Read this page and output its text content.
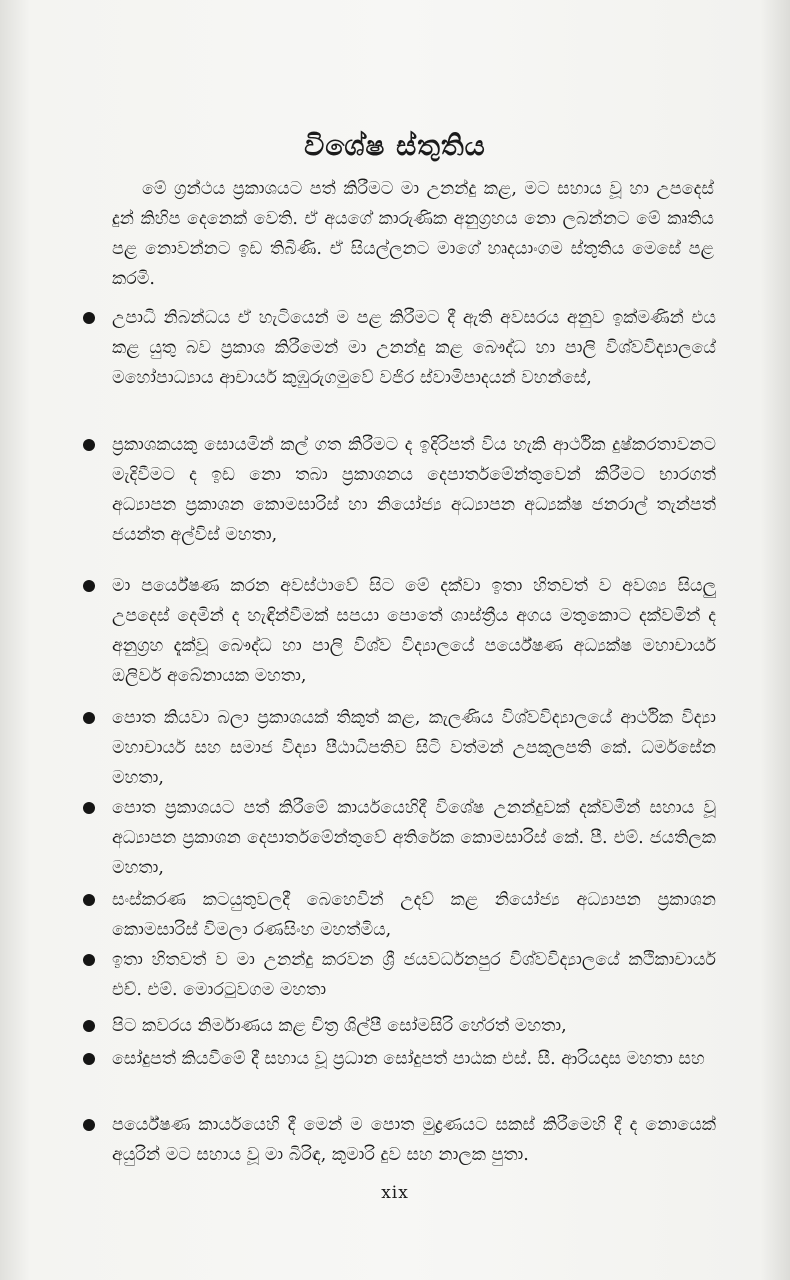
විශේෂ ස්තුතිය

මේ ග්‍රන්ථය ප්‍රකාශයට පත් කිරීමට මා උනන්දු කළ, මට සහාය වූ හා උපදෙස් දුන් කිහිප දෙනෙක් වෙති. ඒ අයගේ කාරුණික අනුග්‍රහය නො ලබන්නට මේ කෘතිය පළ නොවන්නට ඉඩ තිබිණි. ඒ සියල්ලනට මාගේ හෘදයාංගම ස්තුතිය මෙසේ පළ කරමි.

උපාධි නිබන්ධය ඒ හැටියෙන් ම පළ කිරීමට දී ඇති අවසරය අනුව ඉක්මණින් එය කළ යුතු බව ප්‍රකාශ කිරීමෙන් මා උනන්දු කළ බෞද්ධ හා පාලි විශ්වවිද්‍යාලයේ මහෝපාධ්‍යාය ආචාර්ය කුඹුරුගමුවේ වජිර ස්වාමිපාදයන් වහන්සේ,
ප්‍රකාශකයකු සොයමින් කල් ගත කිරීමට ද ඉදිරිපත් විය හැකි ආර්ථික දුෂ්කරතාවනට මැදිවීමට ද ඉඩ නො තබා ප්‍රකාශනය දෙපාර්තමේන්තුවෙන් කිරීමට භාරගත් අධ්‍යාපන ප්‍රකාශන කොමසාරිස් හා නියෝජ්‍ය අධ්‍යාපන අධ්‍යක්ෂ ජනරාල් තැන්පත් ජයන්ත අල්විස් මහතා,
මා පර්යේෂණ කරන අවස්ථාවේ සිට මේ දක්වා ඉතා හිතවත් ව අවශ්‍ය සියලු උපදෙස් දෙමින් ද හැඳින්වීමක් සපයා පොතේ ශාස්ත්‍රීය අගය මතුකොට දක්වමින් ද අනුග්‍රහ දැක්වූ බෞද්ධ හා පාලි විශ්ව විද්‍යාලයේ පර්යේෂණ අධ්‍යක්ෂ මහාචාර්ය ඔලිවර් අබේනායක මහතා,
පොත කියවා බලා ප්‍රකාශයක් තිකුත් කළ, කැලණිය විශ්වවිද්‍යාලයේ ආර්ථික විද්‍යා මහාචාර්ය සහ සමාජ විද්‍යා පීඨාධිපතිව සිටි වත්මන් උපකුලපති කේ. ධර්මසේන මහතා,
පොත ප්‍රකාශයට පත් කිරීමේ කාර්යයෙහිදී විශේෂ උනන්දුවක් දක්වමින් සහාය වූ අධ්‍යාපන ප්‍රකාශන දෙපාර්තමේන්තුවේ අතිරේක කොමසාරිස් කේ. පී. එම්. ජයතිලක මහතා,
සංස්කරණ කටයුතුවලදී බෙහෙවින් උදව් කළ නියෝජ්‍ය අධ්‍යාපන ප්‍රකාශන කොමසාරිස් විමලා රණසිංහ මහත්මිය,
ඉතා හිතවත් ව මා උනන්දු කරවන ශ්‍රී ජයවර්ධනපුර විශ්වවිද්‍යාලයේ කථිකාචාර්ය එච්. එම්. මොරටුවගම මහතා
පිට කවරය නිර්මාණය කළ චිත්‍ර ශිල්පී සෝමසිරි හේරත් මහතා,
සෝදුපත් කියවීමේ දී සහාය වූ ප්‍රධාන සෝදුපත් පාඨක එස්. සී. ආරියදාස මහතා සහ
පර්යේෂණ කාර්යයෙහි දී මෙන් ම පොත මුද්‍රණයට සකස් කිරීමෙහි දී ද නොයෙක් අයුරින් මට සහාය වූ මා බිරිඳ, කුමාරි දුව සහ නාලක පුතා.
xix
